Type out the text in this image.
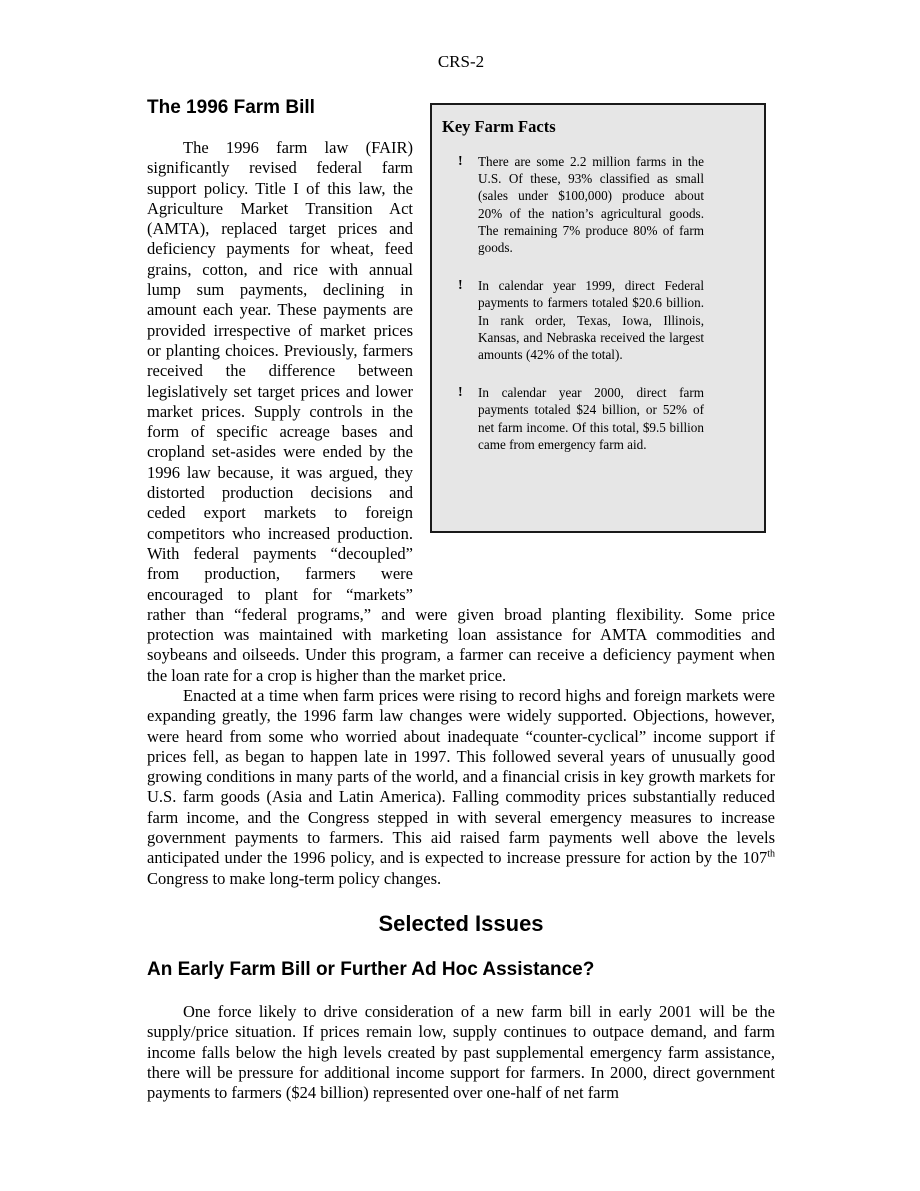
CRS-2
The 1996 Farm Bill

The 1996 farm law (FAIR) significantly revised federal farm support policy. Title I of this law, the Agriculture Market Transition Act (AMTA), replaced target prices and deficiency payments for wheat, feed grains, cotton, and rice with annual lump sum payments, declining in amount each year. These payments are provided irrespective of market prices or planting choices. Previously, farmers received the difference between legislatively set target prices and lower market prices. Supply controls in the form of specific acreage bases and cropland set-asides were ended by the 1996 law because, it was argued, they distorted production decisions and ceded export markets to foreign competitors who increased production. With federal payments “decoupled” from production, farmers were encouraged to plant for “markets” rather than “federal programs,” and were given broad planting flexibility. Some price protection was maintained with marketing loan assistance for AMTA commodities and soybeans and oilseeds. Under this program, a farmer can receive a deficiency payment when the loan rate for a crop is higher than the market price.

Enacted at a time when farm prices were rising to record highs and foreign markets were expanding greatly, the 1996 farm law changes were widely supported. Objections, however, were heard from some who worried about inadequate “counter-cyclical” income support if prices fell, as began to happen late in 1997. This followed several years of unusually good growing conditions in many parts of the world, and a financial crisis in key growth markets for U.S. farm goods (Asia and Latin America). Falling commodity prices substantially reduced farm income, and the Congress stepped in with several emergency measures to increase government payments to farmers. This aid raised farm payments well above the levels anticipated under the 1996 policy, and is expected to increase pressure for action by the 107th Congress to make long-term policy changes.

Selected Issues
An Early Farm Bill or Further Ad Hoc Assistance?

One force likely to drive consideration of a new farm bill in early 2001 will be the supply/price situation. If prices remain low, supply continues to outpace demand, and farm income falls below the high levels created by past supplemental emergency farm assistance, there will be pressure for additional income support for farmers. In 2000, direct government payments to farmers ($24 billion) represented over one-half of net farm

Key Farm Facts
! There are some 2.2 million farms in the U.S. Of these, 93% classified as small (sales under $100,000) produce about 20% of the nation’s agricultural goods. The remaining 7% produce 80% of farm goods.
! In calendar year 1999, direct Federal payments to farmers totaled $20.6 billion. In rank order, Texas, Iowa, Illinois, Kansas, and Nebraska received the largest amounts (42% of the total).
! In calendar year 2000, direct farm payments totaled $24 billion, or 52% of net farm income. Of this total, $9.5 billion came from emergency farm aid.
